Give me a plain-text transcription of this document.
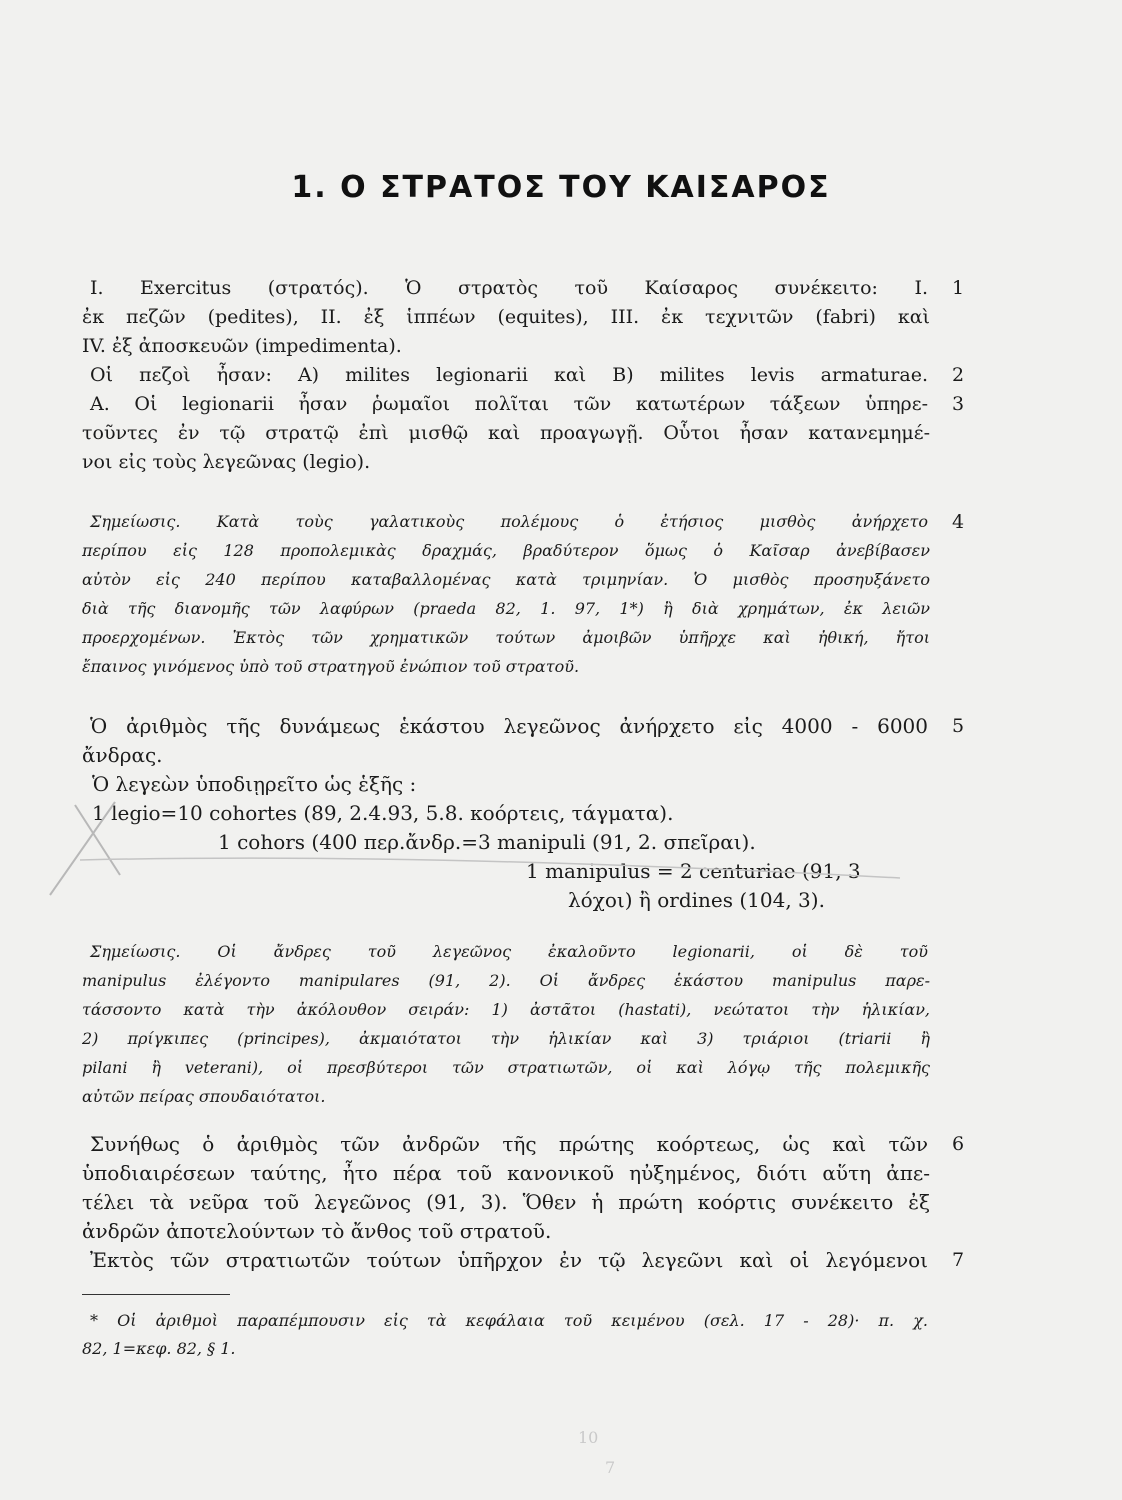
1. Ο ΣΤΡΑΤΟΣ ΤΟΥ ΚΑΙΣΑΡΟΣ
Ι. Exercitus (στρατός). Ὁ στρατὸς τοῦ Καίσαρος συνέκειτο: Ι.
ἐκ πεζῶν (pedites), ΙΙ. ἐξ ἱππέων (equites), ΙΙΙ. ἐκ τεχνιτῶν (fabri) καὶ
ΙV. ἐξ ἀποσκευῶν (impedimenta).
Οἱ πεζοὶ ἦσαν: Α) milites legionarii καὶ Β) milites levis armaturae.
Α. Οἱ legionarii ἦσαν ῥωμαῖοι πολῖται τῶν κατωτέρων τάξεων ὑπηρε-
τοῦντες ἐν τῷ στρατῷ ἐπὶ μισθῷ καὶ προαγωγῇ. Οὗτοι ἦσαν κατανεμημέ-
νοι εἰς τοὺς λεγεῶνας (legio).
Σημείωσις. Κατὰ τοὺς γαλατικοὺς πολέμους ὁ ἐτήσιος μισθὸς ἀνήρχετο
περίπου εἰς 128 προπολεμικὰς δραχμάς, βραδύτερον ὅμως ὁ Καῖσαρ ἀνεβίβασεν
αὐτὸν εἰς 240 περίπου καταβαλλομένας κατὰ τριμηνίαν. Ὁ μισθὸς προσηυξάνετο
διὰ τῆς διανομῆς τῶν λαφύρων (praeda 82, 1. 97, 1*) ἢ διὰ χρημάτων, ἐκ λειῶν
προερχομένων. Ἐκτὸς τῶν χρηματικῶν τούτων ἀμοιβῶν ὑπῆρχε καὶ ἠθική, ἤτοι
ἔπαινος γινόμενος ὑπὸ τοῦ στρατηγοῦ ἐνώπιον τοῦ στρατοῦ.
Ὁ ἀριθμὸς τῆς δυνάμεως ἑκάστου λεγεῶνος ἀνήρχετο εἰς 4000 - 6000
ἄνδρας.
Ὁ λεγεὼν ὑποδιῃρεῖτο ὡς ἑξῆς :
1 legio=10 cohortes (89, 2.4.93, 5.8. κοόρτεις, τάγματα).
1 cohors (400 περ.ἄνδρ.=3 manipuli (91, 2. σπεῖραι).
1 manipulus = 2 centuriae (91, 3
λόχοι) ἢ ordines (104, 3).
Σημείωσις. Οἱ ἄνδρες τοῦ λεγεῶνος ἐκαλοῦντο legionarii, οἱ δὲ τοῦ
manipulus ἐλέγοντο manipulares (91, 2). Οἱ ἄνδρες ἑκάστου manipulus παρε-
τάσσοντο κατὰ τὴν ἀκόλουθον σειράν: 1) ἀστᾶτοι (hastati), νεώτατοι τὴν ἡλικίαν,
2) πρίγκιπες (principes), ἀκμαιότατοι τὴν ἡλικίαν καὶ 3) τριάριοι (triarii ἢ
pilani ἢ veterani), οἱ πρεσβύτεροι τῶν στρατιωτῶν, οἱ καὶ λόγῳ τῆς πολεμικῆς
αὐτῶν πείρας σπουδαιότατοι.
Συνήθως ὁ ἀριθμὸς τῶν ἀνδρῶν τῆς πρώτης κοόρτεως, ὡς καὶ τῶν
ὑποδιαιρέσεων ταύτης, ἦτο πέρα τοῦ κανονικοῦ ηὐξημένος, διότι αὕτη ἀπε-
τέλει τὰ νεῦρα τοῦ λεγεῶνος (91, 3). Ὅθεν ἡ πρώτη κοόρτις συνέκειτο ἐξ
ἀνδρῶν ἀποτελούντων τὸ ἄνθος τοῦ στρατοῦ.
Ἐκτὸς τῶν στρατιωτῶν τούτων ὑπῆρχον ἐν τῷ λεγεῶνι καὶ οἱ λεγόμενοι
1
2
3
4
5
6
7
* Οἱ ἀριθμοὶ παραπέμπουσιν εἰς τὰ κεφάλαια τοῦ κειμένου (σελ. 17 - 28)· π. χ.
82, 1=κεφ. 82, § 1.
10
7
